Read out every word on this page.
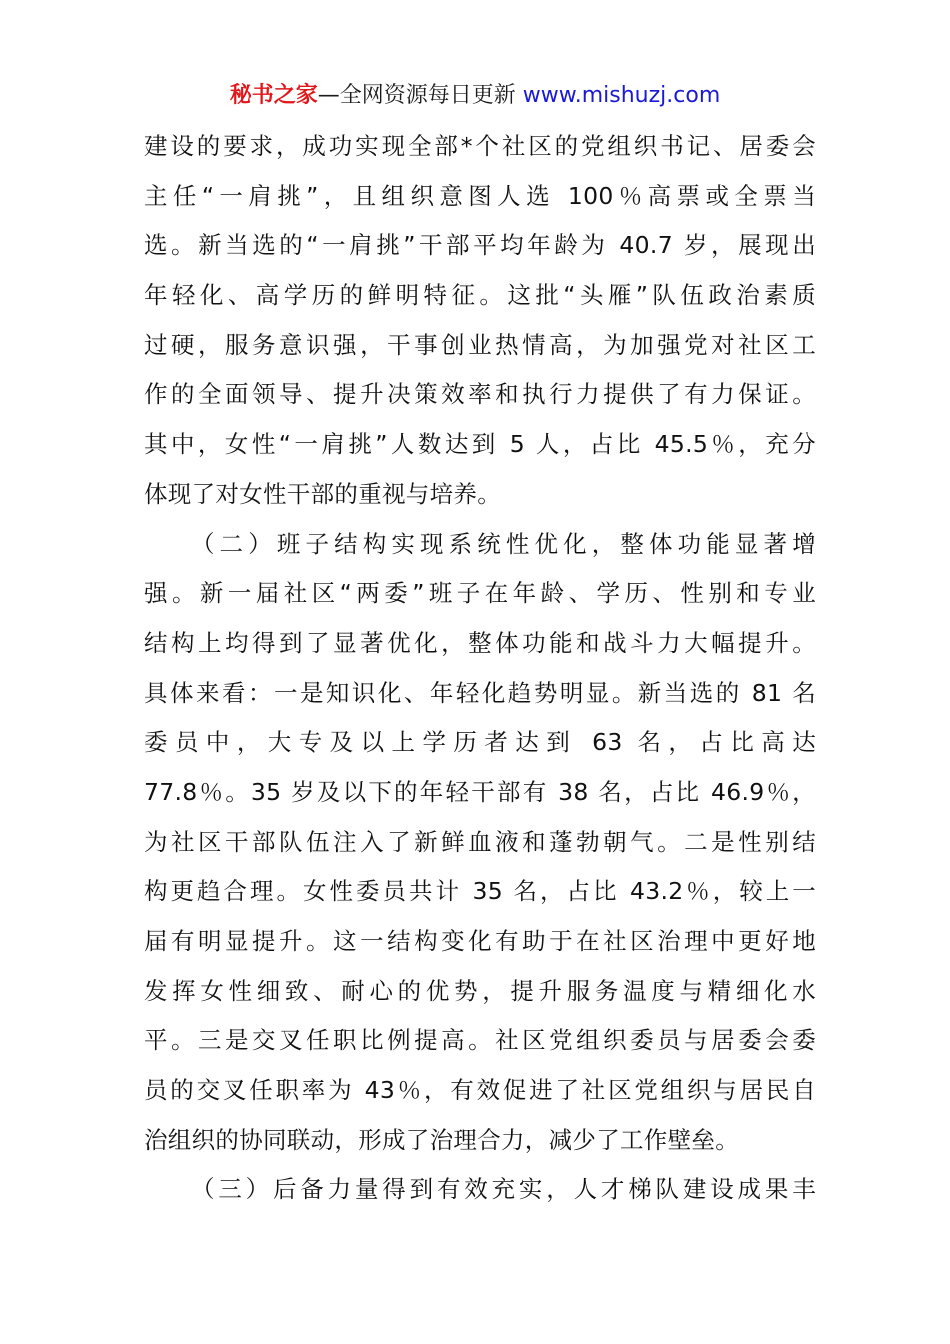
秘书之家—全网资源每日更新 www.mishuzj.com
建设的要求，成功实现全部*个社区的党组织书记、居委会
主任“一肩挑”，且组织意图人选 100％高票或全票当
选。新当选的“一肩挑”干部平均年龄为 40.7 岁，展现出
年轻化、高学历的鲜明特征。这批“头雁”队伍政治素质
过硬，服务意识强，干事创业热情高，为加强党对社区工
作的全面领导、提升决策效率和执行力提供了有力保证。
其中，女性“一肩挑”人数达到 5 人，占比 45.5％，充分
体现了对女性干部的重视与培养。
（二）班子结构实现系统性优化，整体功能显著增
强。新一届社区“两委”班子在年龄、学历、性别和专业
结构上均得到了显著优化，整体功能和战斗力大幅提升。
具体来看：一是知识化、年轻化趋势明显。新当选的 81 名
委员中，大专及以上学历者达到 63 名，占比高达
77.8％。35 岁及以下的年轻干部有 38 名，占比 46.9％，
为社区干部队伍注入了新鲜血液和蓬勃朝气。二是性别结
构更趋合理。女性委员共计 35 名，占比 43.2％，较上一
届有明显提升。这一结构变化有助于在社区治理中更好地
发挥女性细致、耐心的优势，提升服务温度与精细化水
平。三是交叉任职比例提高。社区党组织委员与居委会委
员的交叉任职率为 43％，有效促进了社区党组织与居民自
治组织的协同联动，形成了治理合力，减少了工作壁垒。
（三）后备力量得到有效充实，人才梯队建设成果丰
